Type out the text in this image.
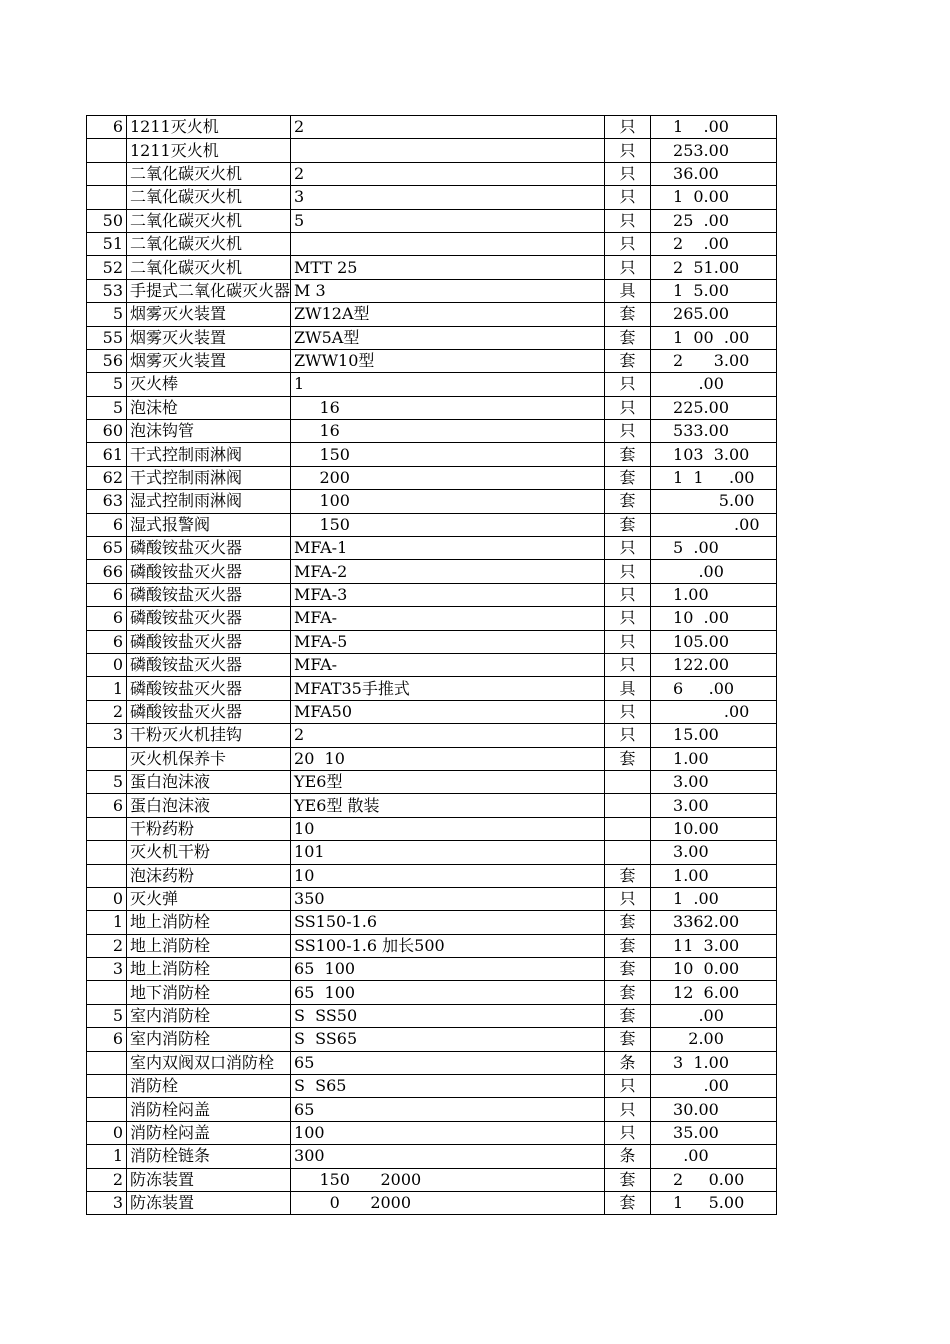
6	1211灭火机	2	只	1    .00
	1211灭火机		只	253.00
	二氧化碳灭火机	2	只	36.00
	二氧化碳灭火机	3	只	1  0.00
50	二氧化碳灭火机	5	只	25  .00
51	二氧化碳灭火机		只	2    .00
52	二氧化碳灭火机	MTT 25	只	2  51.00
53	手提式二氧化碳灭火器	M 3	具	1  5.00
5	烟雾灭火装置	ZW12A型	套	265.00
55	烟雾灭火装置	ZW5A型	套	1  00  .00
56	烟雾灭火装置	ZWW10型	套	2      3.00
5	灭火棒	1	只	.00
5	泡沫枪	16	只	225.00
60	泡沫钩管	16	只	533.00
61	干式控制雨淋阀	150	套	103  3.00
62	干式控制雨淋阀	200	套	1  1     .00
63	湿式控制雨淋阀	100	套	5.00
6	湿式报警阀	150	套	.00
65	磷酸铵盐灭火器	MFA-1	只	5  .00
66	磷酸铵盐灭火器	MFA-2	只	.00
6	磷酸铵盐灭火器	MFA-3	只	1.00
6	磷酸铵盐灭火器	MFA-	只	10  .00
6	磷酸铵盐灭火器	MFA-5	只	105.00
0	磷酸铵盐灭火器	MFA-	只	122.00
1	磷酸铵盐灭火器	MFAT35手推式	具	6     .00
2	磷酸铵盐灭火器	MFA50	只	.00
3	干粉灭火机挂钩	2	只	15.00
	灭火机保养卡	20  10	套	1.00
5	蛋白泡沫液	YE6型		3.00
6	蛋白泡沫液	YE6型 散装		3.00
	干粉药粉	10		10.00
	灭火机干粉	101		3.00
	泡沫药粉	10	套	1.00
0	灭火弹	350	只	1  .00
1	地上消防栓	SS150-1.6	套	3362.00
2	地上消防栓	SS100-1.6 加长500	套	11  3.00
3	地上消防栓	65  100	套	10  0.00
	地下消防栓	65  100	套	12  6.00
5	室内消防栓	S  SS50	套	.00
6	室内消防栓	S  SS65	套	2.00
	室内双阀双口消防栓	65	条	3  1.00
	消防栓	S  S65	只	.00
	消防栓闷盖	65	只	30.00
0	消防栓闷盖	100	只	35.00
1	消防栓链条	300	条	.00
2	防冻装置	150      2000	套	2     0.00
3	防冻装置	0      2000	套	1     5.00
